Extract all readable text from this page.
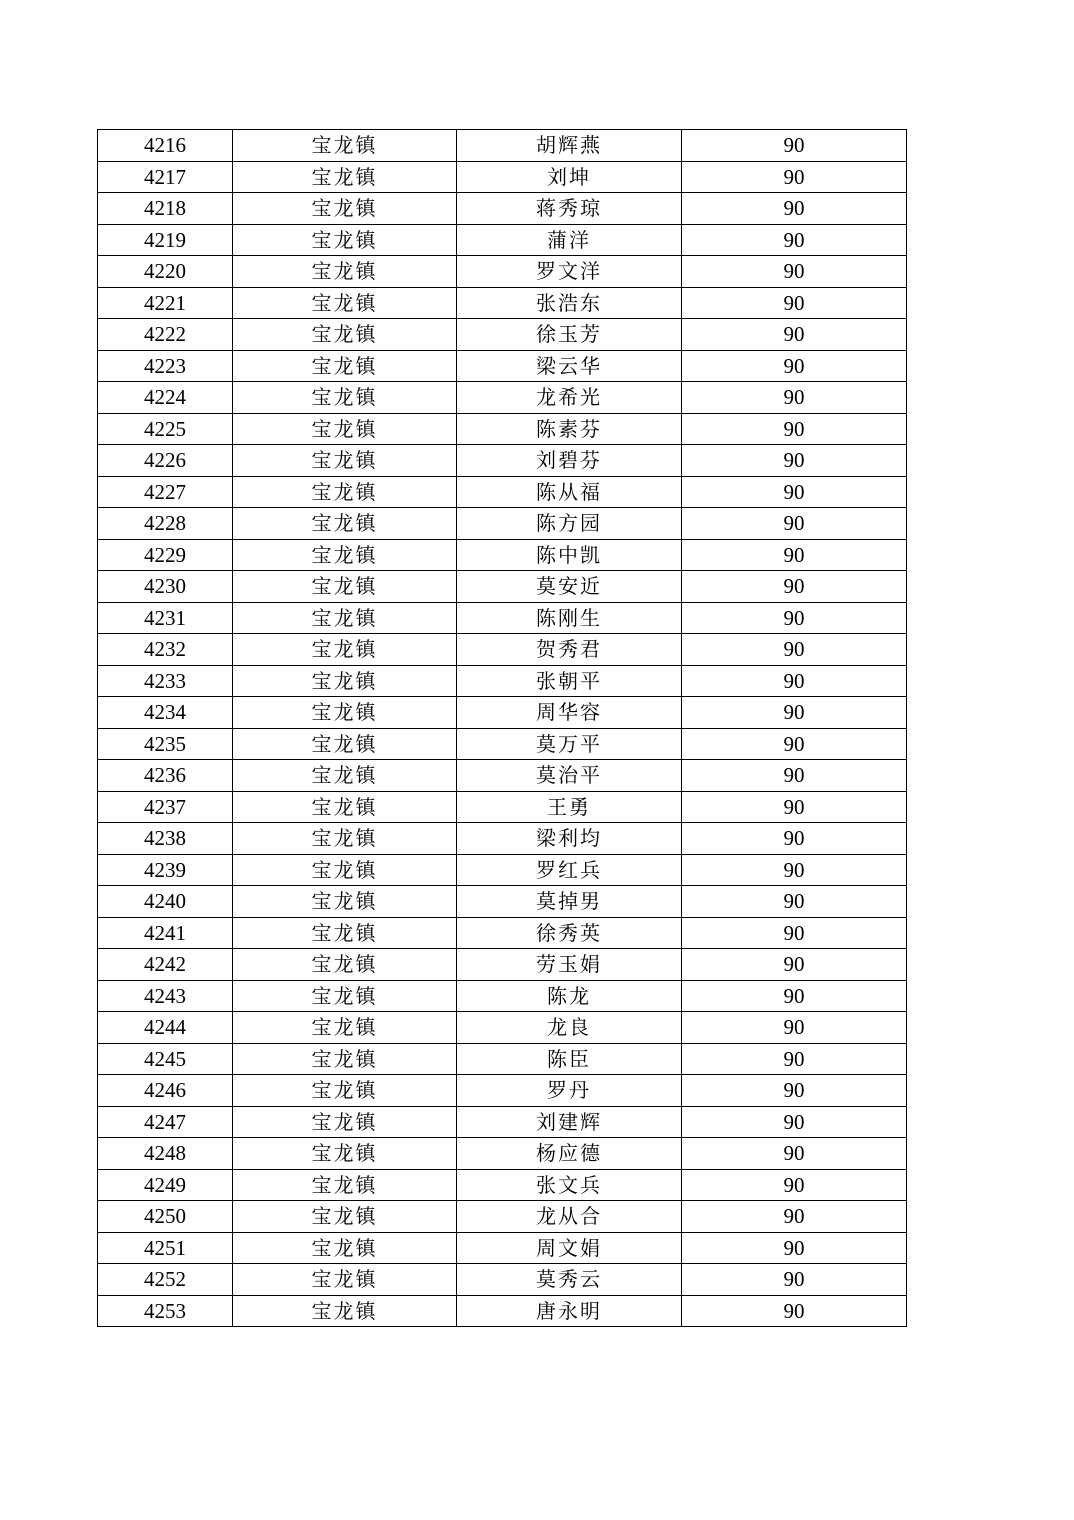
4216	宝龙镇	胡辉燕	90
4217	宝龙镇	刘坤	90
4218	宝龙镇	蒋秀琼	90
4219	宝龙镇	蒲洋	90
4220	宝龙镇	罗文洋	90
4221	宝龙镇	张浩东	90
4222	宝龙镇	徐玉芳	90
4223	宝龙镇	梁云华	90
4224	宝龙镇	龙希光	90
4225	宝龙镇	陈素芬	90
4226	宝龙镇	刘碧芬	90
4227	宝龙镇	陈从福	90
4228	宝龙镇	陈方园	90
4229	宝龙镇	陈中凯	90
4230	宝龙镇	莫安近	90
4231	宝龙镇	陈刚生	90
4232	宝龙镇	贺秀君	90
4233	宝龙镇	张朝平	90
4234	宝龙镇	周华容	90
4235	宝龙镇	莫万平	90
4236	宝龙镇	莫治平	90
4237	宝龙镇	王勇	90
4238	宝龙镇	梁利均	90
4239	宝龙镇	罗红兵	90
4240	宝龙镇	莫掉男	90
4241	宝龙镇	徐秀英	90
4242	宝龙镇	劳玉娟	90
4243	宝龙镇	陈龙	90
4244	宝龙镇	龙良	90
4245	宝龙镇	陈臣	90
4246	宝龙镇	罗丹	90
4247	宝龙镇	刘建辉	90
4248	宝龙镇	杨应德	90
4249	宝龙镇	张文兵	90
4250	宝龙镇	龙从合	90
4251	宝龙镇	周文娟	90
4252	宝龙镇	莫秀云	90
4253	宝龙镇	唐永明	90
